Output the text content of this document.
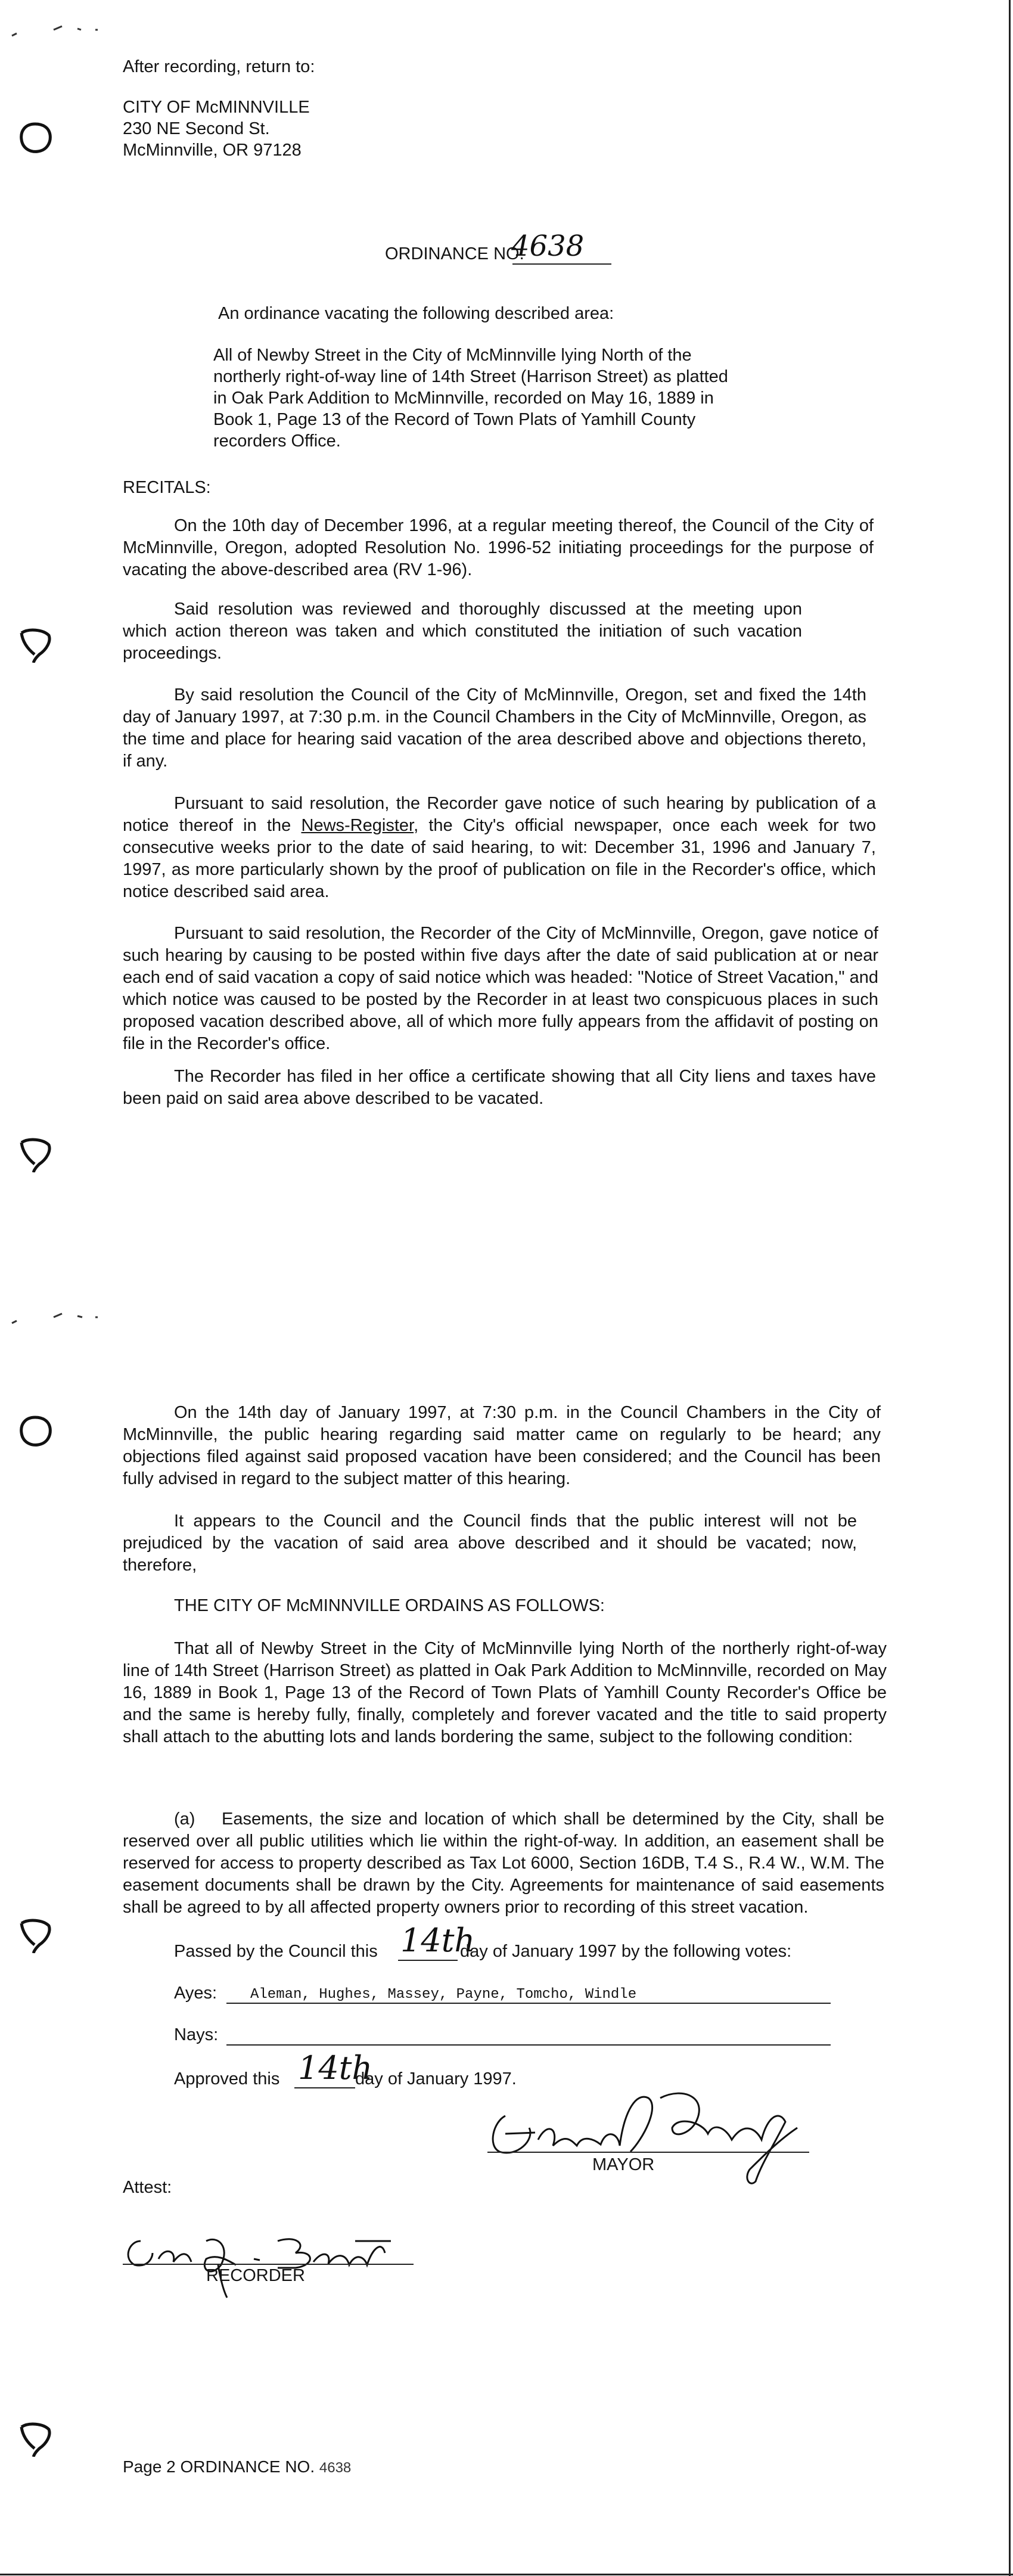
After recording, return to:
CITY OF McMINNVILLE
230 NE Second St.
McMinnville, OR 97128
ORDINANCE NO.
4638
An ordinance vacating the following described area:
All of Newby Street in the City of McMinnville lying North of the
northerly right-of-way line of 14th Street (Harrison Street) as platted
in Oak Park Addition to McMinnville, recorded on May 16, 1889 in
Book 1, Page 13 of the Record of Town Plats of Yamhill County
recorders Office.
RECITALS:
On the 10th day of December 1996, at a regular meeting thereof, the Council of the City of McMinnville, Oregon, adopted Resolution No. 1996-52 initiating proceedings for the purpose of vacating the above-described area (RV 1-96).
Said resolution was reviewed and thoroughly discussed at the meeting upon which action thereon was taken and which constituted the initiation of such vacation proceedings.
By said resolution the Council of the City of McMinnville, Oregon, set and fixed the 14th day of January 1997, at 7:30 p.m. in the Council Chambers in the City of McMinnville, Oregon, as the time and place for hearing said vacation of the area described above and objections thereto, if any.
Pursuant to said resolution, the Recorder gave notice of such hearing by publication of a notice thereof in the News-Register, the City's official newspaper, once each week for two consecutive weeks prior to the date of said hearing, to wit: December 31, 1996 and January 7, 1997, as more particularly shown by the proof of publication on file in the Recorder's office, which notice described said area.
Pursuant to said resolution, the Recorder of the City of McMinnville, Oregon, gave notice of such hearing by causing to be posted within five days after the date of said publication at or near each end of said vacation a copy of said notice which was headed: "Notice of Street Vacation," and which notice was caused to be posted by the Recorder in at least two conspicuous places in such proposed vacation described above, all of which more fully appears from the affidavit of posting on file in the Recorder's office.
The Recorder has filed in her office a certificate showing that all City liens and taxes have been paid on said area above described to be vacated.
On the 14th day of January 1997, at 7:30 p.m. in the Council Chambers in the City of McMinnville, the public hearing regarding said matter came on regularly to be heard; any objections filed against said proposed vacation have been considered; and the Council has been fully advised in regard to the subject matter of this hearing.
It appears to the Council and the Council finds that the public interest will not be prejudiced by the vacation of said area above described and it should be vacated; now, therefore,
THE CITY OF McMINNVILLE ORDAINS AS FOLLOWS:
That all of Newby Street in the City of McMinnville lying North of the northerly right-of-way line of 14th Street (Harrison Street) as platted in Oak Park Addition to McMinnville, recorded on May 16, 1889 in Book 1, Page 13 of the Record of Town Plats of Yamhill County Recorder's Office be and the same is hereby fully, finally, completely and forever vacated and the title to said property shall attach to the abutting lots and lands bordering the same, subject to the following condition:
(a)	Easements, the size and location of which shall be determined by the City, shall be reserved over all public utilities which lie within the right-of-way. In addition, an easement shall be reserved for access to property described as Tax Lot 6000, Section 16DB, T.4 S., R.4 W., W.M. The easement documents shall be drawn by the City. Agreements for maintenance of said easements shall be agreed to by all affected property owners prior to recording of this street vacation.
Passed by the Council this 14th
day of January 1997 by the following votes:
Ayes: Aleman, Hughes, Massey, Payne, Tomcho, Windle
Nays:
Approved this 14th
day of January 1997.
MAYOR
Attest:
RECORDER
Page 2 ORDINANCE NO. 4638
